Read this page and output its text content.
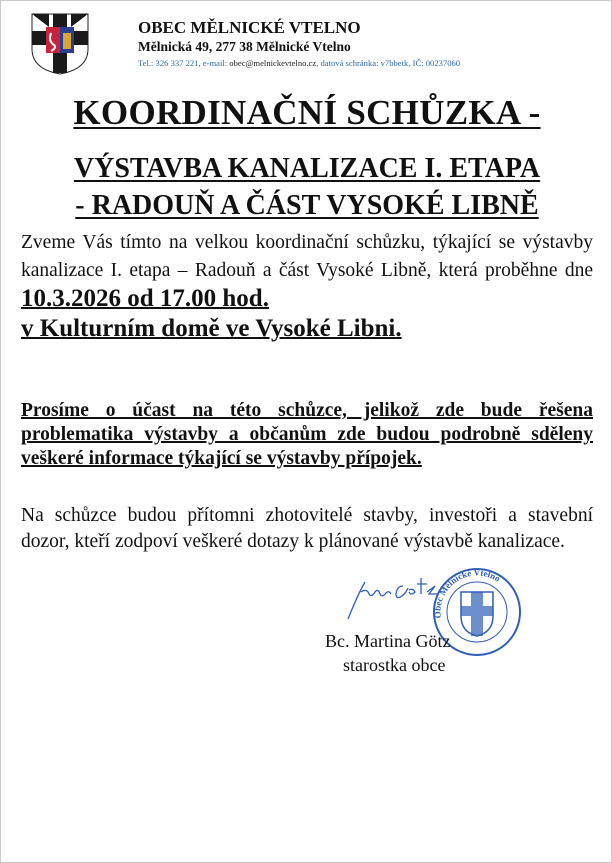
OBEC MĚLNICKÉ VTELNO
Mělnická 49, 277 38 Mělnické Vtelno
Tel.: 326 337 221, e-mail: obec@melnickevtelno.cz, datová schránka: v7bbetk, IČ: 00237060
KOORDINAČNÍ SCHŮZKA -
VÝSTAVBA KANALIZACE I. ETAPA
- RADOUŇ A ČÁST VYSOKÉ LIBNĚ

Zveme Vás tímto na velkou koordinační schůzku, týkající se výstavby kanalizace I. etapa – Radouň a část Vysoké Libně, která proběhne dne 10.3.2026 od 17.00 hod.
v Kulturním domě ve Vysoké Libni.

Prosíme o účast na této schůzce, jelikož zde bude řešena problematika výstavby a občanům zde budou podrobně sděleny veškeré informace týkající se výstavby přípojek.

Na schůzce budou přítomni zhotovitelé stavby, investoři a stavební dozor, kteří zodpoví veškeré dotazy k plánované výstavbě kanalizace.

Obec Mělnické Vtelno
Bc. Martina Götz
starostka obce
